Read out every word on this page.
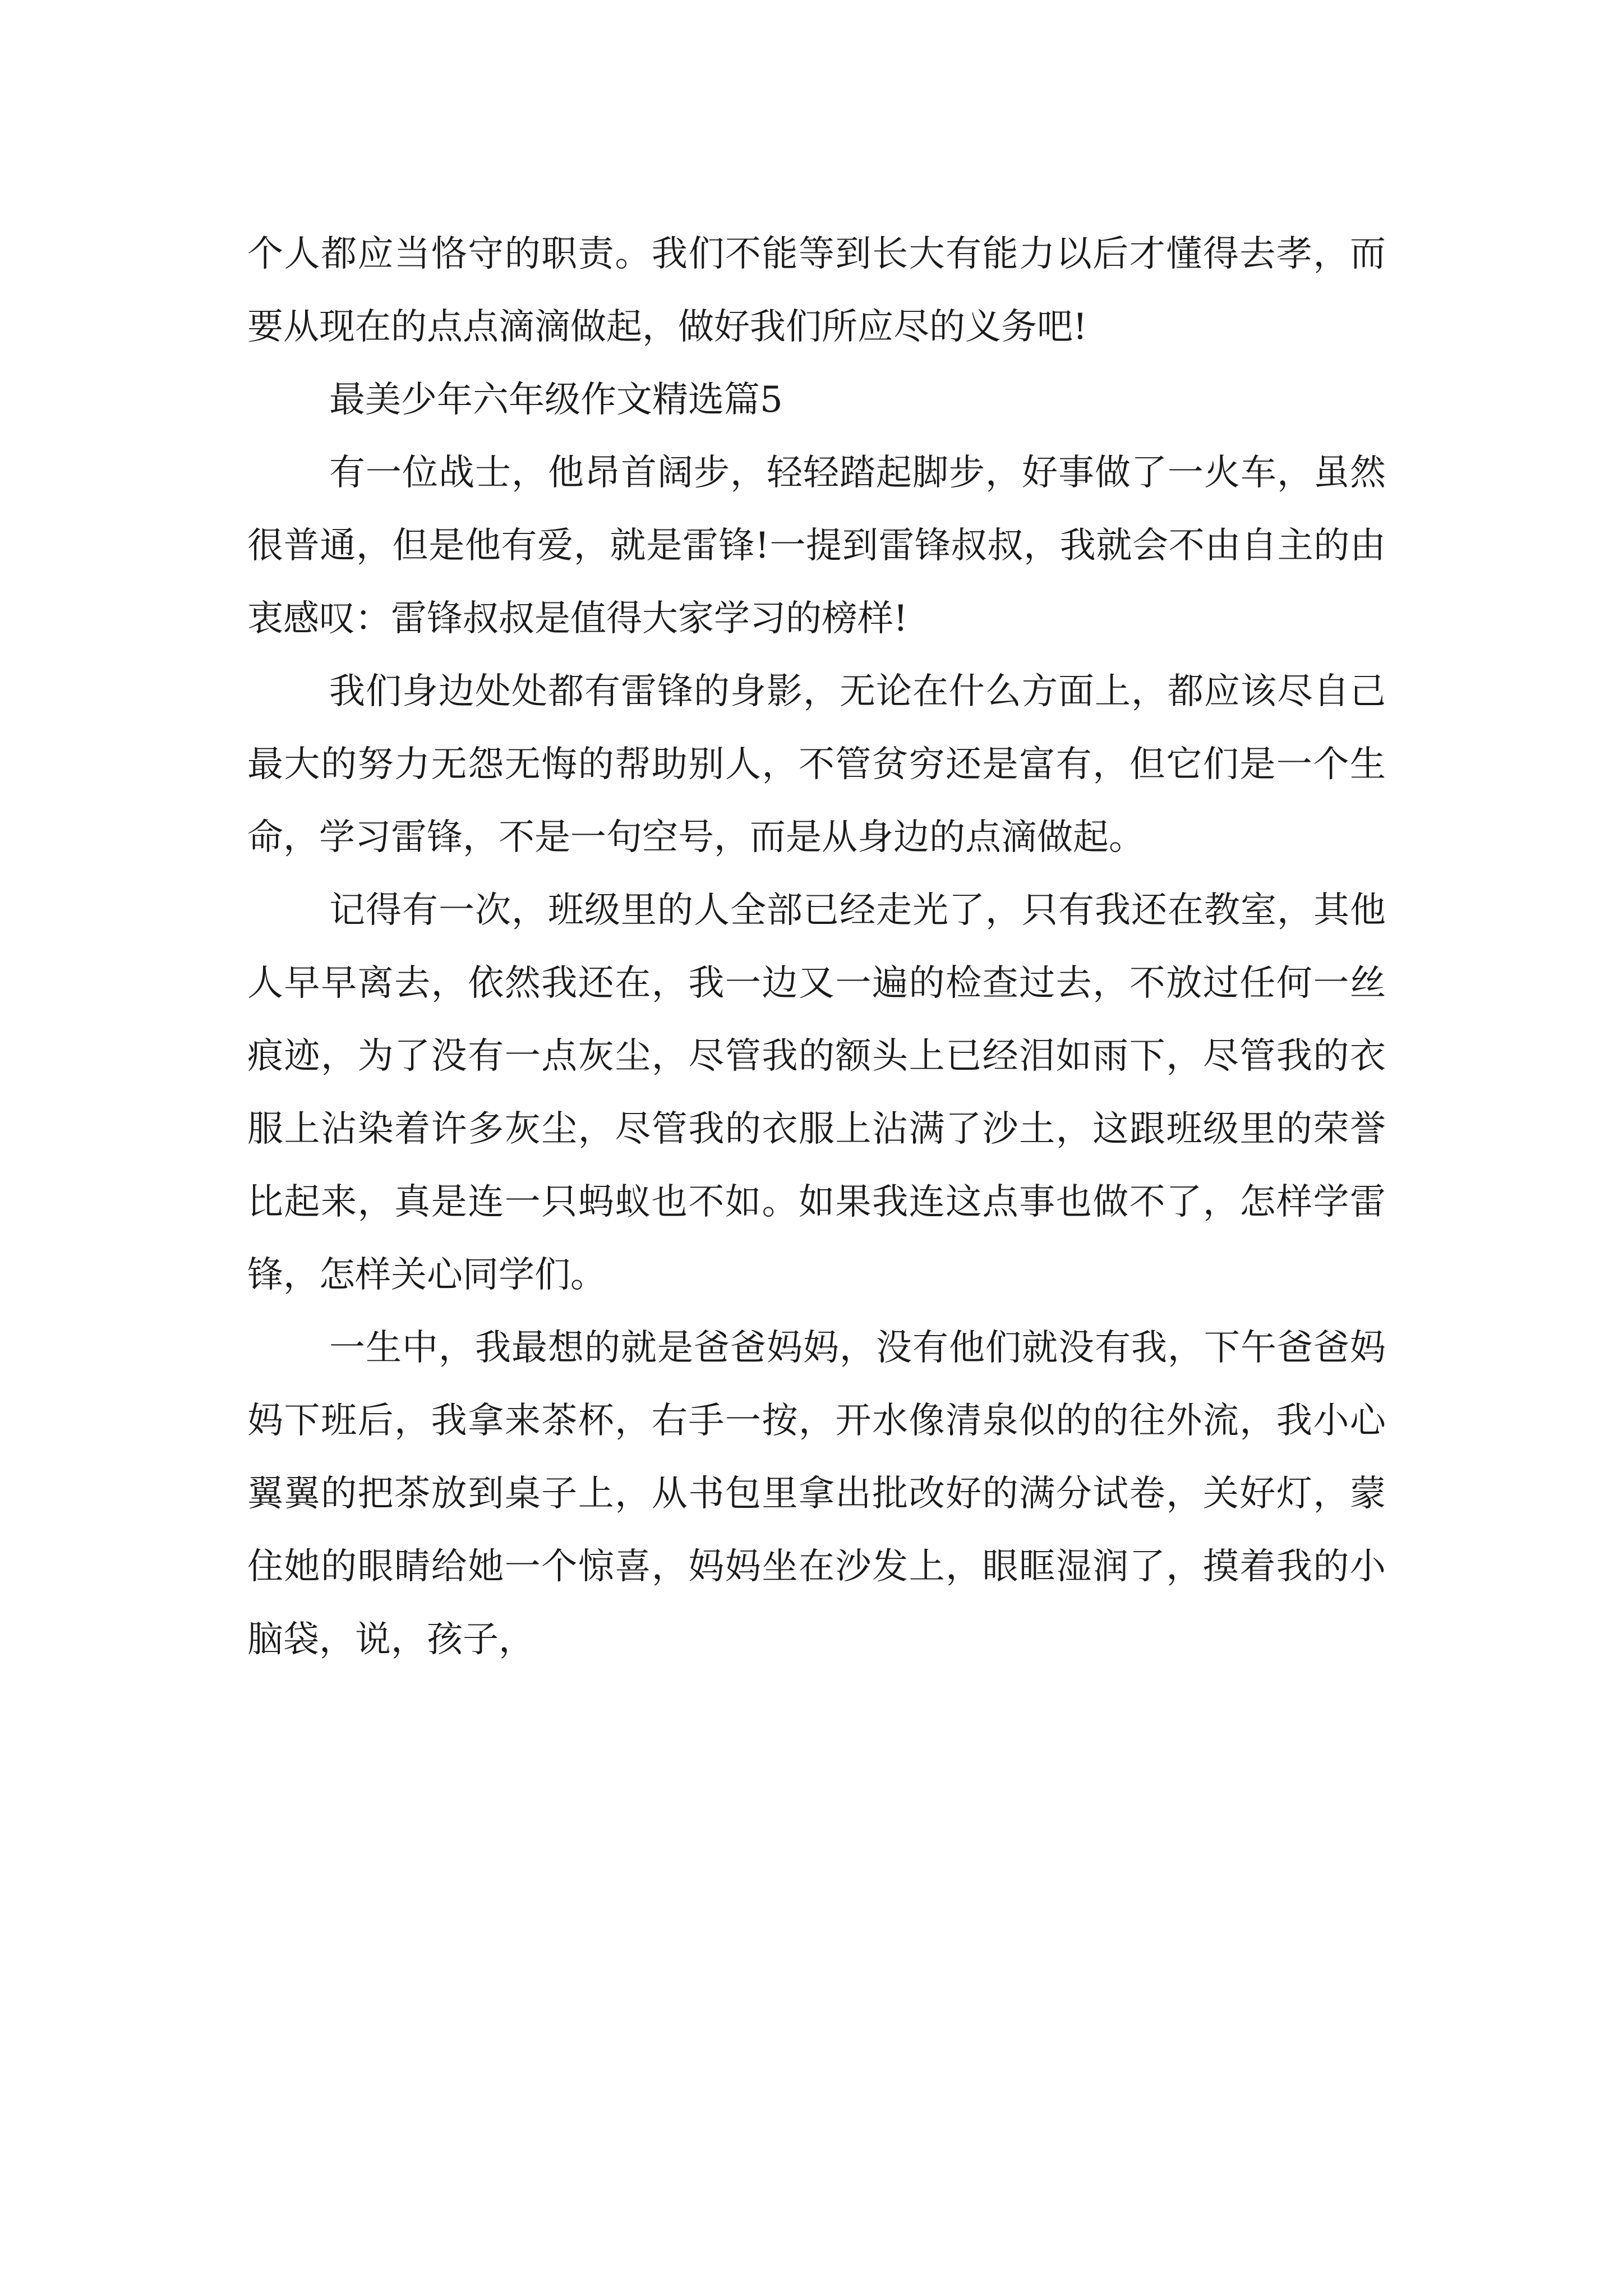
个人都应当恪守的职责。我们不能等到长大有能力以后才懂得去孝，而要从现在的点点滴滴做起，做好我们所应尽的义务吧!

最美少年六年级作文精选篇5

有一位战士，他昂首阔步，轻轻踏起脚步，好事做了一火车，虽然很普通，但是他有爱，就是雷锋!一提到雷锋叔叔，我就会不由自主的由衷感叹：雷锋叔叔是值得大家学习的榜样!

我们身边处处都有雷锋的身影，无论在什么方面上，都应该尽自己最大的努力无怨无悔的帮助别人，不管贫穷还是富有，但它们是一个生命，学习雷锋，不是一句空号，而是从身边的点滴做起。

记得有一次，班级里的人全部已经走光了，只有我还在教室，其他人早早离去，依然我还在，我一边又一遍的检查过去，不放过任何一丝痕迹，为了没有一点灰尘，尽管我的额头上已经泪如雨下，尽管我的衣服上沾染着许多灰尘，尽管我的衣服上沾满了沙土，这跟班级里的荣誉比起来，真是连一只蚂蚁也不如。如果我连这点事也做不了，怎样学雷锋，怎样关心同学们。

一生中，我最想的就是爸爸妈妈，没有他们就没有我，下午爸爸妈妈下班后，我拿来茶杯，右手一按，开水像清泉似的的往外流，我小心翼翼的把茶放到桌子上，从书包里拿出批改好的满分试卷，关好灯，蒙住她的眼睛给她一个惊喜，妈妈坐在沙发上，眼眶湿润了，摸着我的小脑袋，说，孩子，
